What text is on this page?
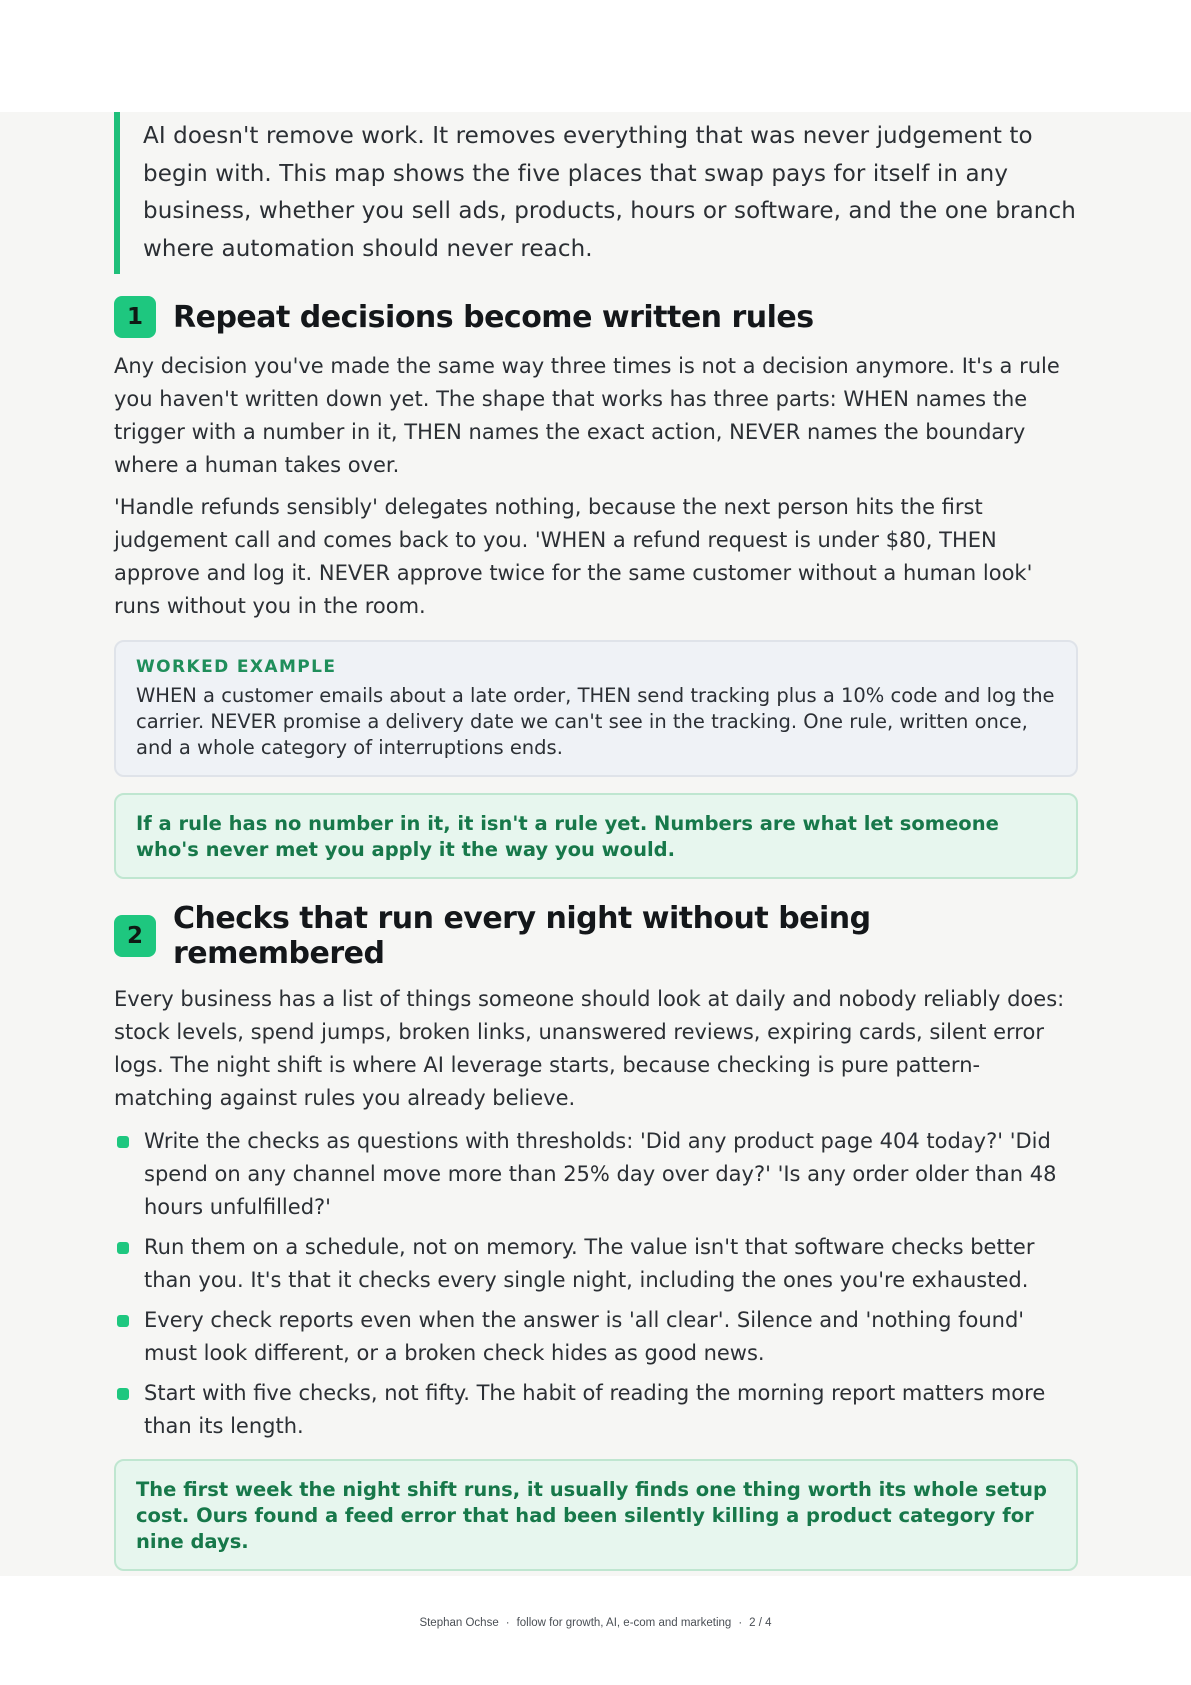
AI doesn't remove work. It removes everything that was never judgement to begin with. This map shows the five places that swap pays for itself in any business, whether you sell ads, products, hours or software, and the one branch where automation should never reach.
1	Repeat decisions become written rules

Any decision you've made the same way three times is not a decision anymore. It's a rule you haven't written down yet. The shape that works has three parts: WHEN names the trigger with a number in it, THEN names the exact action, NEVER names the boundary where a human takes over.

'Handle refunds sensibly' delegates nothing, because the next person hits the first judgement call and comes back to you. 'WHEN a refund request is under $80, THEN approve and log it. NEVER approve twice for the same customer without a human look' runs without you in the room.

WORKED EXAMPLE

WHEN a customer emails about a late order, THEN send tracking plus a 10% code and log the carrier. NEVER promise a delivery date we can't see in the tracking. One rule, written once, and a whole category of interruptions ends.

If a rule has no number in it, it isn't a rule yet. Numbers are what let someone who's never met you apply it the way you would.
2	Checks that run every night without being remembered

Every business has a list of things someone should look at daily and nobody reliably does: stock levels, spend jumps, broken links, unanswered reviews, expiring cards, silent error logs. The night shift is where AI leverage starts, because checking is pure pattern-matching against rules you already believe.

Write the checks as questions with thresholds: 'Did any product page 404 today?' 'Did spend on any channel move more than 25% day over day?' 'Is any order older than 48 hours unfulfilled?'
Run them on a schedule, not on memory. The value isn't that software checks better than you. It's that it checks every single night, including the ones you're exhausted.
Every check reports even when the answer is 'all clear'. Silence and 'nothing found' must look different, or a broken check hides as good news.
Start with five checks, not fifty. The habit of reading the morning report matters more than its length.
The first week the night shift runs, it usually finds one thing worth its whole setup cost. Ours found a feed error that had been silently killing a product category for nine days.
Stephan Ochse · follow for growth, AI, e-com and marketing · 2 / 4
